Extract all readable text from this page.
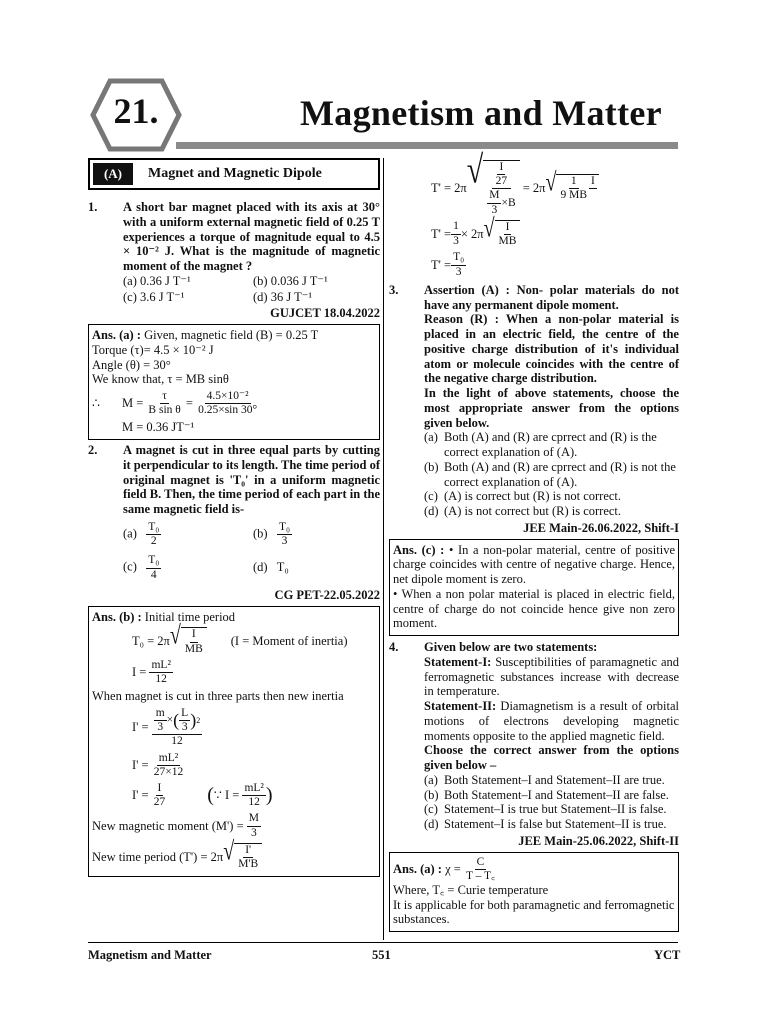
21.	Magnetism and Matter
(A)	Magnet and Magnetic Dipole
1.	A short bar magnet placed with its axis at 30° with a uniform external magnetic field of 0.25 T experiences a torque of magnitude equal to 4.5 × 10⁻² J. What is the magnitude of magnetic moment of the magnet ?
(a) 0.36 J T⁻¹	(b) 0.036 J T⁻¹
(c) 3.6 J T⁻¹	(d) 36 J T⁻¹
GUJCET 18.04.2022
Ans. (a) : Given, magnetic field (B) = 0.25 T
Torque (τ)= 4.5 × 10⁻² J
Angle (θ) = 30°
We know that, τ = MB sinθ
∴	M =
$\frac{\tau}{\text{B sin θ}}$
=
$\frac{\text{4.5×10⁻²}}{0.25\times\sin 30^\circ}$
M = 0.36 JT⁻¹
2.	A magnet is cut in three equal parts by cutting it perpendicular to its length. The time period of original magnet is 'T₀' in a uniform magnetic field B. Then, the time period of each part in the same magnetic field is-
$(a) \frac{\text{T₀}}{2}$	$(b) \frac{\text{T₀}}{3}$
$(c) \frac{\text{T₀}}{4}$	(d) T₀
CG PET-22.05.2022
Ans. (b) : Initial time period
T₀ = 2π √ $\frac{I}{MB} (I$ = Moment of inertia)
I =
$\frac{\text{mL²}}{12}$
When magnet is cut in three parts then new inertia
I' =
$\frac{\frac{m}{3} \times ( \frac{L}{3} ) 2}{12}$
I' =
$\frac{\text{mL²}}{27\times 12}$
I' =
$\frac{I}{27}$ ( ∵ I =
$\frac{\text{mL²}}{12}$ )
New magnetic moment (M') =
$\frac{M}{3}$
New time period (T') = 2π √ $\frac{I'}{M'B}$
T' = 2π √ $\frac{\frac{I}{27}}{\frac{M}{3} \times B}$
= 2π √ $\frac{1}{9 MB}$ I
$T' = \frac{1}{3} \times 2\pi$ √ $\frac{I}{MB}$
$T' = \frac{\text{T₀}}{3}$
3.	Assertion (A) : Non- polar materials do not have any permanent dipole moment.
Reason (R) : When a non-polar material is placed in an electric field, the centre of the positive charge distribution of it's individual atom or molecule coincides with the centre of the negative charge distribution.
In the light of above statements, choose the most appropriate answer from the options given below.
(a) Both (A) and (R) are cprrect and (R) is the correct explanation of (A).
(b) Both (A) and (R) are cprrect and (R) is not the correct explanation of (A).
(c) (A) is correct but (R) is not correct.
(d) (A) is not correct but (R) is correct.
JEE Main-26.06.2022, Shift-I
Ans. (c) : • In a non-polar material, centre of positive charge coincides with centre of negative charge. Hence, net dipole moment is zero.
• When a non polar material is placed in electric field, centre of charge do not coincide hence give non zero moment.
4.	Given below are two statements:
Statement-I: Susceptibilities of paramagnetic and ferromagnetic substances increase with decrease in temperature.
Statement-II: Diamagnetism is a result of orbital motions of electrons developing magnetic moments opposite to the applied magnetic field.
Choose the correct answer from the options given below –
(a) Both Statement–I and Statement–II are true.
(b) Both Statement–I and Statement–II are false.
(c) Statement–I is true but Statement–II is false.
(d) Statement–I is false but Statement–II is true.
JEE Main-25.06.2022, Shift-II
Ans. (a) :
χ =
$\frac{C}{T - T꜀}$
Where, T꜀ = Curie temperature
It is applicable for both paramagnetic and ferromagnetic substances.
Magnetism and Matter	551	YCT
